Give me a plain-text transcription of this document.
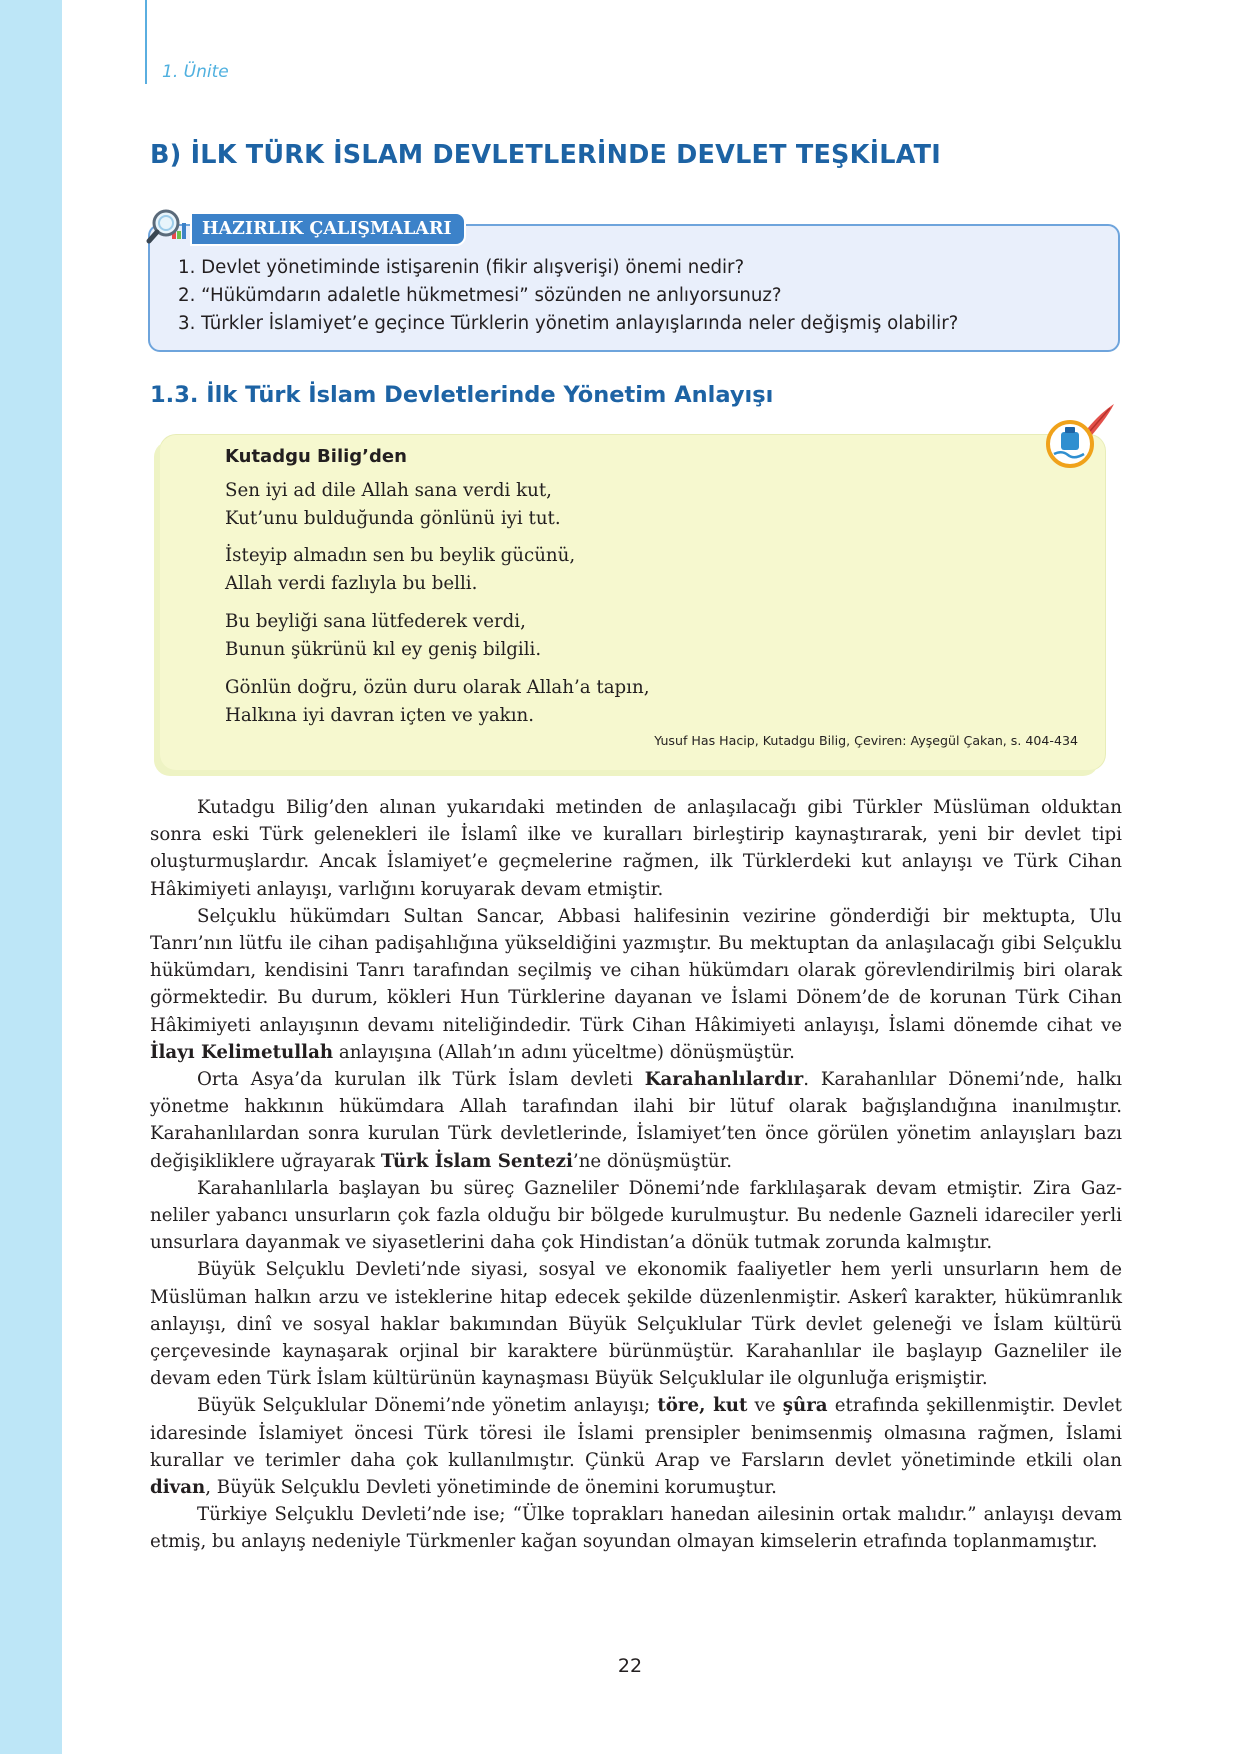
1. Ünite
B) İLK TÜRK İSLAM DEVLETLERİNDE DEVLET TEŞKİLATI
HAZIRLIK ÇALIŞMALARI
1. Devlet yönetiminde istişarenin (fikir alışverişi) önemi nedir?
2. “Hükümdarın adaletle hükmetmesi” sözünden ne anlıyorsunuz?
3. Türkler İslamiyet’e geçince Türklerin yönetim anlayışlarında neler değişmiş olabilir?
1.3. İlk Türk İslam Devletlerinde Yönetim Anlayışı
Kutadgu Bilig’den
Sen iyi ad dile Allah sana verdi kut,
Kut’unu bulduğunda gönlünü iyi tut.
İsteyip almadın sen bu beylik gücünü,
Allah verdi fazlıyla bu belli.
Bu beyliği sana lütfederek verdi,
Bunun şükrünü kıl ey geniş bilgili.
Gönlün doğru, özün duru olarak Allah’a tapın,
Halkına iyi davran içten ve yakın.
Yusuf Has Hacip, Kutadgu Bilig, Çeviren: Ayşegül Çakan, s. 404-434

Kutadgu Bilig’den alınan yukarıdaki metinden de anlaşılacağı gibi Türkler Müslüman olduktan sonra eski Türk gelenekleri ile İslamî ilke ve kuralları birleştirip kaynaştırarak, yeni bir devlet tipi oluşturmuşlardır. Ancak İslamiyet’e geçmelerine rağmen, ilk Türklerdeki kut anlayışı ve Türk Cihan Hâkimiyeti anlayışı, varlığını koruyarak devam etmiştir.

Selçuklu hükümdarı Sultan Sancar, Abbasi halifesinin vezirine gönderdiği bir mektupta, Ulu Tanrı’nın lütfu ile cihan padişahlığına yükseldiğini yazmıştır. Bu mektuptan da anlaşılacağı gibi Selçuklu hükümdarı, kendisini Tanrı tarafından seçilmiş ve cihan hükümdarı olarak görevlendirilmiş biri olarak görmektedir. Bu durum, kökleri Hun Türklerine dayanan ve İslami Dönem’de de korunan Türk Cihan Hâkimiyeti anlayışının devamı niteliğindedir. Türk Cihan Hâkimiyeti anlayışı, İslami dönemde cihat ve İlayı Kelimetullah anlayışına (Allah’ın adını yüceltme) dönüşmüştür.

Orta Asya’da kurulan ilk Türk İslam devleti Karahanlılardır. Karahanlılar Dönemi’nde, halkı yönetme hakkının hükümdara Allah tarafından ilahi bir lütuf olarak bağışlandığına inanılmıştır. Karahanlılardan sonra kurulan Türk devletlerinde, İslamiyet’ten önce görülen yönetim anlayışları bazı değişikliklere uğrayarak Türk İslam Sentezi’ne dönüşmüştür.

Karahanlılarla başlayan bu süreç Gazneliler Dönemi’nde farklılaşarak devam etmiştir. Zira Gazneliler yabancı unsurların çok fazla olduğu bir bölgede kurulmuştur. Bu nedenle Gazneli idareciler yerli unsurlara dayanmak ve siyasetlerini daha çok Hindistan’a dönük tutmak zorunda kalmıştır.

Büyük Selçuklu Devleti’nde siyasi, sosyal ve ekonomik faaliyetler hem yerli unsurların hem de Müslüman halkın arzu ve isteklerine hitap edecek şekilde düzenlenmiştir. Askerî karakter, hükümranlık anlayışı, dinî ve sosyal haklar bakımından Büyük Selçuklular Türk devlet geleneği ve İslam kültürü çerçevesinde kaynaşarak orjinal bir karaktere bürünmüştür. Karahanlılar ile başlayıp Gazneliler ile devam eden Türk İslam kültürünün kaynaşması Büyük Selçuklular ile olgunluğa erişmiştir.

Büyük Selçuklular Dönemi’nde yönetim anlayışı; töre, kut ve şûra etrafında şekillenmiştir. Devlet idaresinde İslamiyet öncesi Türk töresi ile İslami prensipler benimsenmiş olmasına rağmen, İslami kurallar ve terimler daha çok kullanılmıştır. Çünkü Arap ve Farsların devlet yönetiminde etkili olan divan, Büyük Selçuklu Devleti yönetiminde de önemini korumuştur.

Türkiye Selçuklu Devleti’nde ise; “Ülke toprakları hanedan ailesinin ortak malıdır.” anlayışı devam etmiş, bu anlayış nedeniyle Türkmenler kağan soyundan olmayan kimselerin etrafında toplanmamıştır.

22
